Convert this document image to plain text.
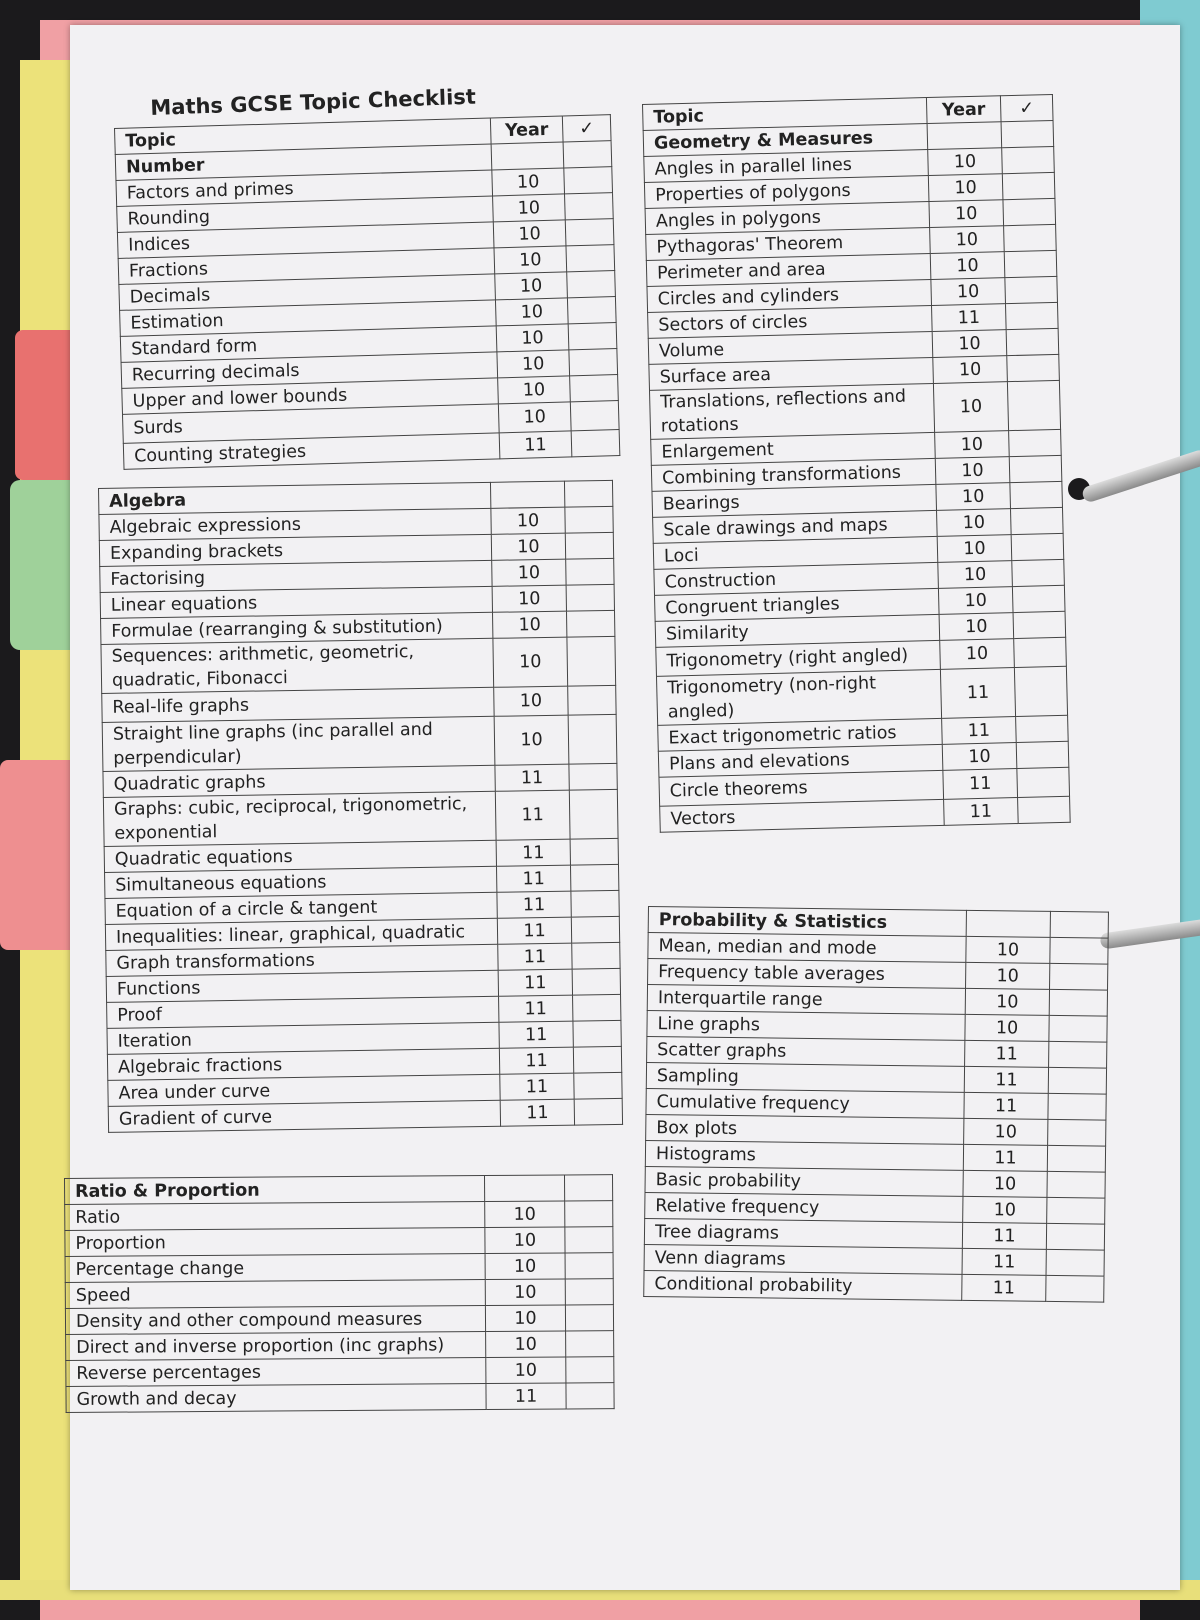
Maths GCSE Topic Checklist
Topic	Year	✓
Number		
Factors and primes	10	
Rounding	10	
Indices	10	
Fractions	10	
Decimals	10	
Estimation	10	
Standard form	10	
Recurring decimals	10	
Upper and lower bounds	10	
Surds	10	
Counting strategies	11	
Algebra		
Algebraic expressions	10	
Expanding brackets	10	
Factorising	10	
Linear equations	10	
Formulae (rearranging & substitution)	10	
Sequences: arithmetic, geometric, quadratic, Fibonacci	10	
Real-life graphs	10	
Straight line graphs (inc parallel and perpendicular)	10	
Quadratic graphs	11	
Graphs: cubic, reciprocal, trigonometric, exponential	11	
Quadratic equations	11	
Simultaneous equations	11	
Equation of a circle & tangent	11	
Inequalities: linear, graphical, quadratic	11	
Graph transformations	11	
Functions	11	
Proof	11	
Iteration	11	
Algebraic fractions	11	
Area under curve	11	
Gradient of curve	11	
Ratio & Proportion		
Ratio	10	
Proportion	10	
Percentage change	10	
Speed	10	
Density and other compound measures	10	
Direct and inverse proportion (inc graphs)	10	
Reverse percentages	10	
Growth and decay	11	
Topic	Year	✓
Geometry & Measures		
Angles in parallel lines	10	
Properties of polygons	10	
Angles in polygons	10	
Pythagoras' Theorem	10	
Perimeter and area	10	
Circles and cylinders	10	
Sectors of circles	11	
Volume	10	
Surface area	10	
Translations, reflections and rotations	10	
Enlargement	10	
Combining transformations	10	
Bearings	10	
Scale drawings and maps	10	
Loci	10	
Construction	10	
Congruent triangles	10	
Similarity	10	
Trigonometry (right angled)	10	
Trigonometry (non-right angled)	11	
Exact trigonometric ratios	11	
Plans and elevations	10	
Circle theorems	11	
Vectors	11	
Probability & Statistics		
Mean, median and mode	10	
Frequency table averages	10	
Interquartile range	10	
Line graphs	10	
Scatter graphs	11	
Sampling	11	
Cumulative frequency	11	
Box plots	10	
Histograms	11	
Basic probability	10	
Relative frequency	10	
Tree diagrams	11	
Venn diagrams	11	
Conditional probability	11	
